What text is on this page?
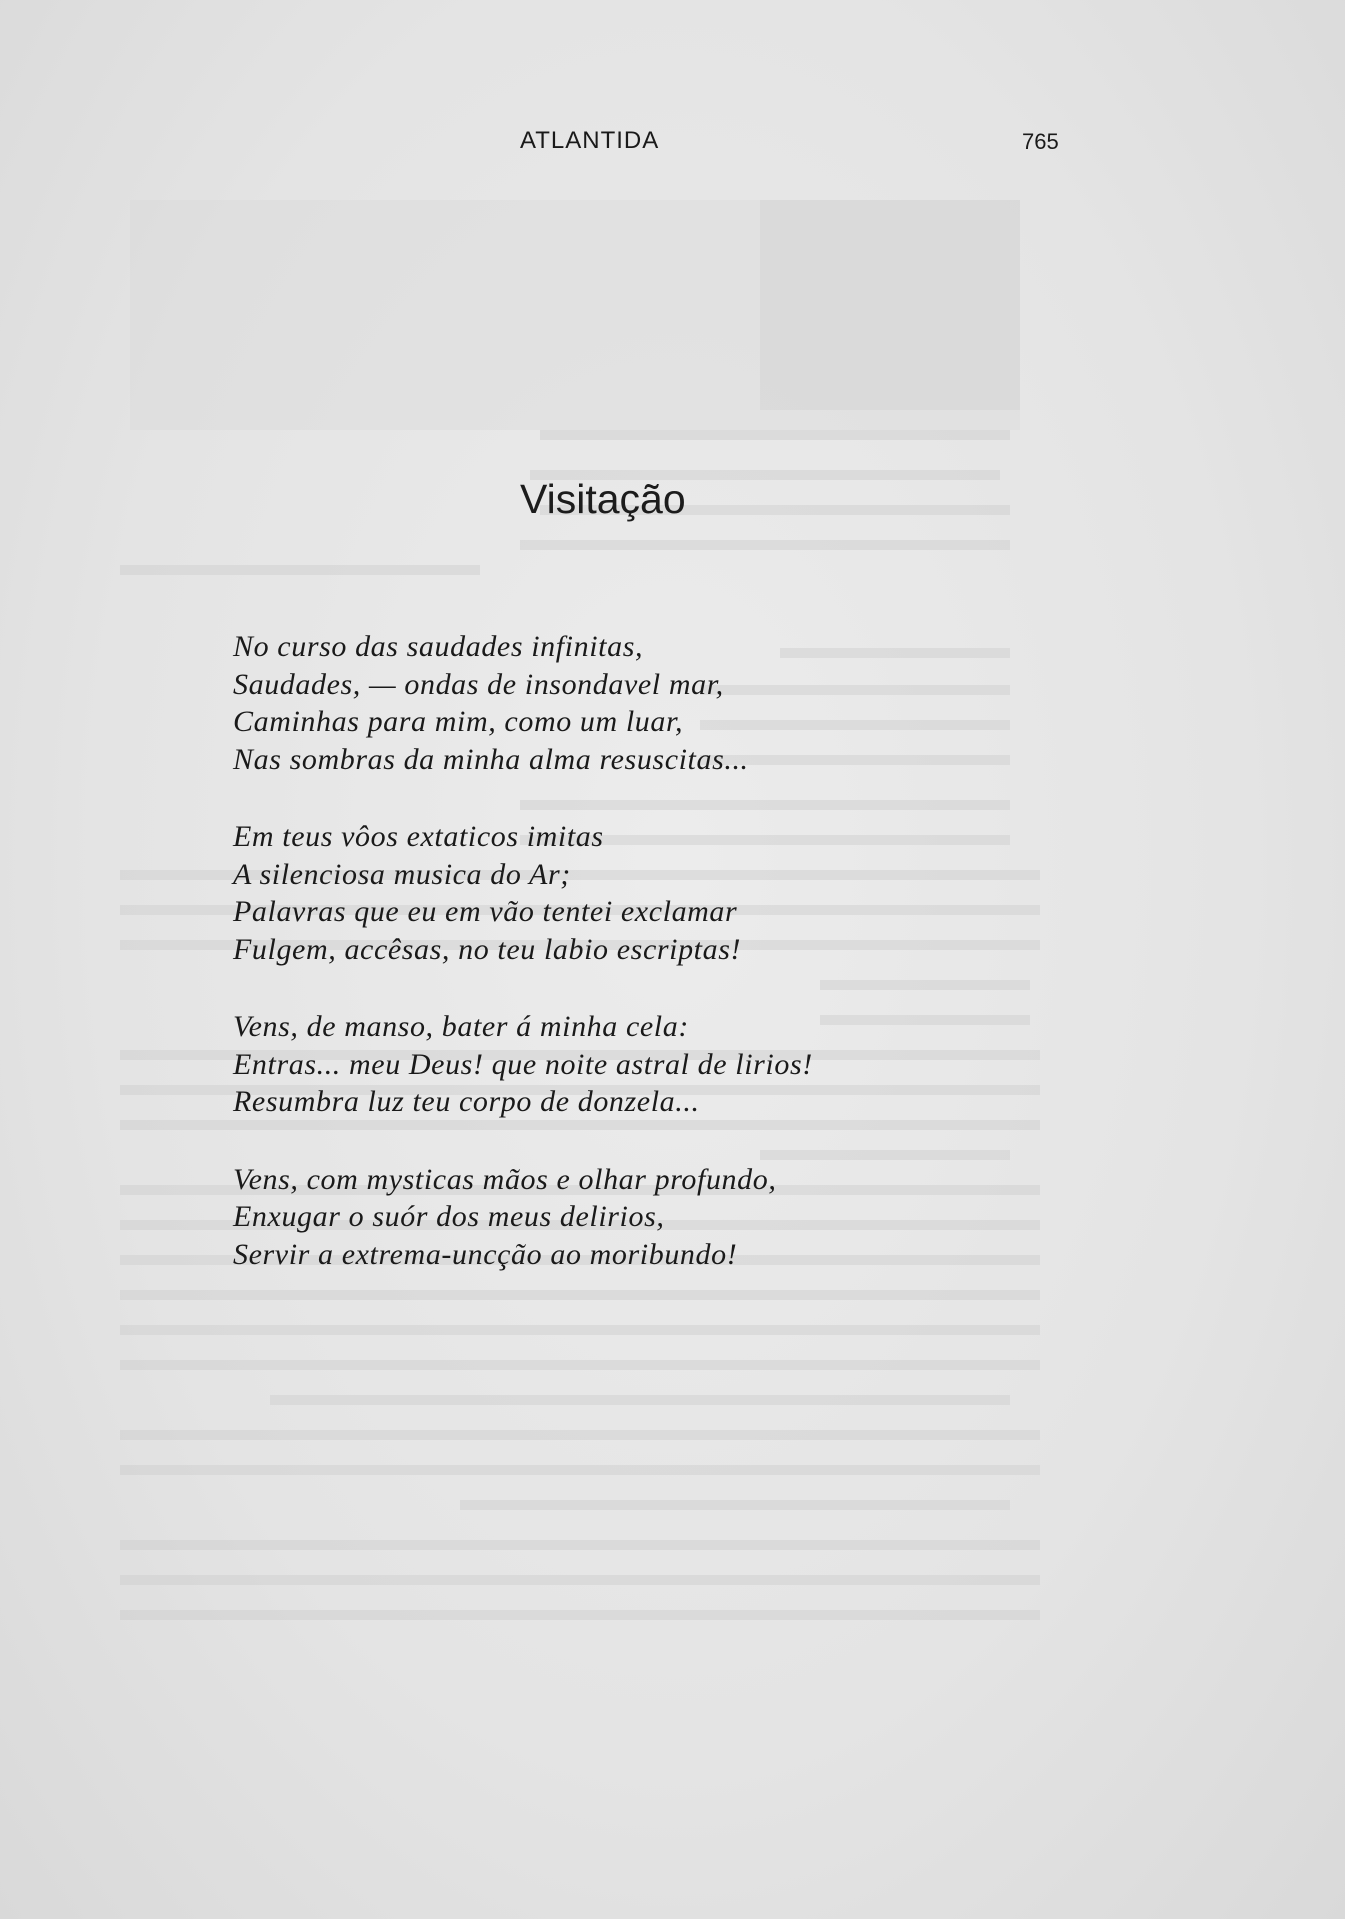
ATLANTIDA	765
Visitação
No curso das saudades infinitas,
Saudades, — ondas de insondavel mar,
Caminhas para mim, como um luar,
Nas sombras da minha alma resuscitas...
Em teus vôos extaticos imitas
A silenciosa musica do Ar;
Palavras que eu em vão tentei exclamar
Fulgem, accêsas, no teu labio escriptas!
Vens, de manso, bater á minha cela:
Entras... meu Deus! que noite astral de lirios!
Resumbra luz teu corpo de donzela...
Vens, com mysticas mãos e olhar profundo,
Enxugar o suór dos meus delirios,
Servir a extrema-uncção ao moribundo!
